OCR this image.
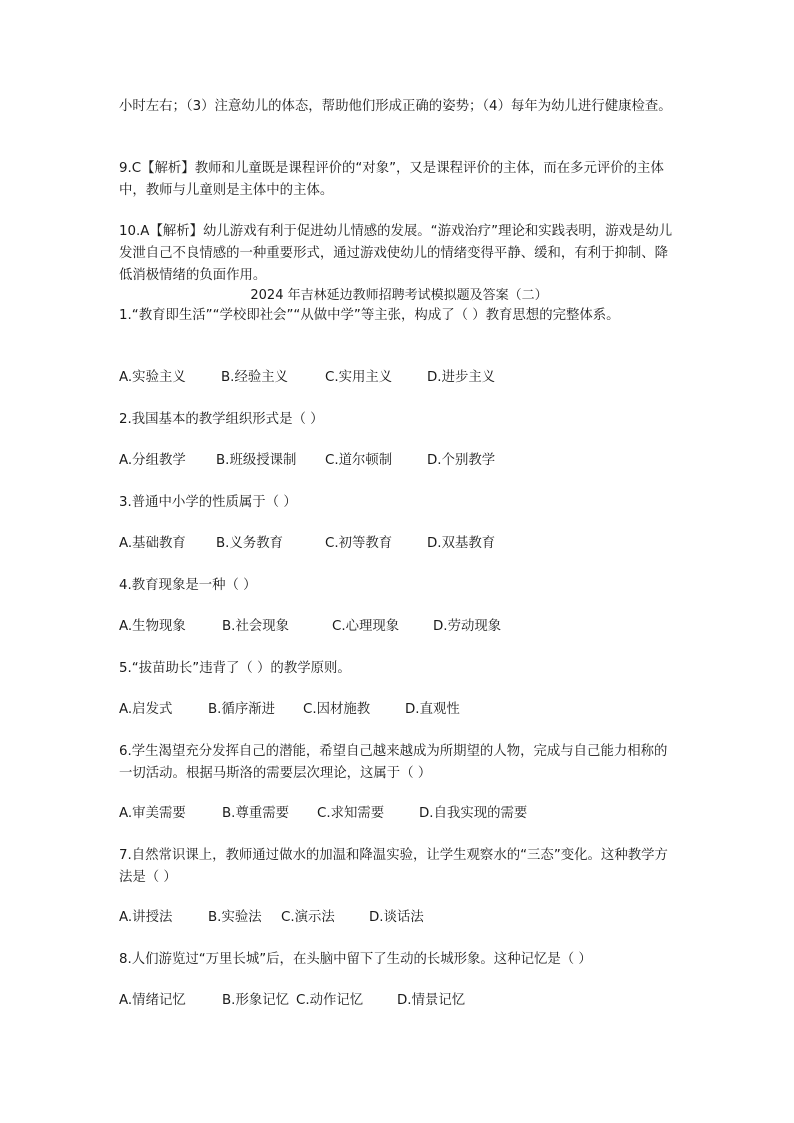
小时左右；（3）注意幼儿的体态，帮助他们形成正确的姿势；（4）每年为幼儿进行健康检查。

9.C【解析】教师和儿童既是课程评价的“对象”，又是课程评价的主体，而在多元评价的主体中，教师与儿童则是主体中的主体。

10.A【解析】幼儿游戏有利于促进幼儿情感的发展。“游戏治疗”理论和实践表明，游戏是幼儿发泄自己不良情感的一种重要形式，通过游戏使幼儿的情绪变得平静、缓和，有利于抑制、降低消极情绪的负面作用。

2024 年吉林延边教师招聘考试模拟题及答案（二）

1.“教育即生活”“学校即社会”“从做中学”等主张，构成了（ ）教育思想的完整体系。

A.实验主义	B.经验主义	C.实用主义	D.进步主义

2.我国基本的教学组织形式是（ ）

A.分组教学 B.班级授课制 C.道尔顿制	D.个别教学

3.普通中小学的性质属于（ ）

A.基础教育 B.义务教育	C.初等教育	D.双基教育

4.教育现象是一种（ ）

A.生物现象	B.社会现象	C.心理现象	D.劳动现象

5.“拔苗助长”违背了（ ）的教学原则。

A.启发式	B.循序渐进 C.因材施教	D.直观性

6.学生渴望充分发挥自己的潜能，希望自己越来越成为所期望的人物，完成与自己能力相称的一切活动。根据马斯洛的需要层次理论，这属于（ ）

A.审美需要	B.尊重需要 C.求知需要	D.自我实现的需要

7.自然常识课上，教师通过做水的加温和降温实验，让学生观察水的“三态”变化。这种教学方法是（ ）

A.讲授法	B.实验法 C.演示法	D.谈话法

8.人们游览过“万里长城”后，在头脑中留下了生动的长城形象。这种记忆是（ ）

A.情绪记忆	B.形象记忆 C.动作记忆	D.情景记忆
